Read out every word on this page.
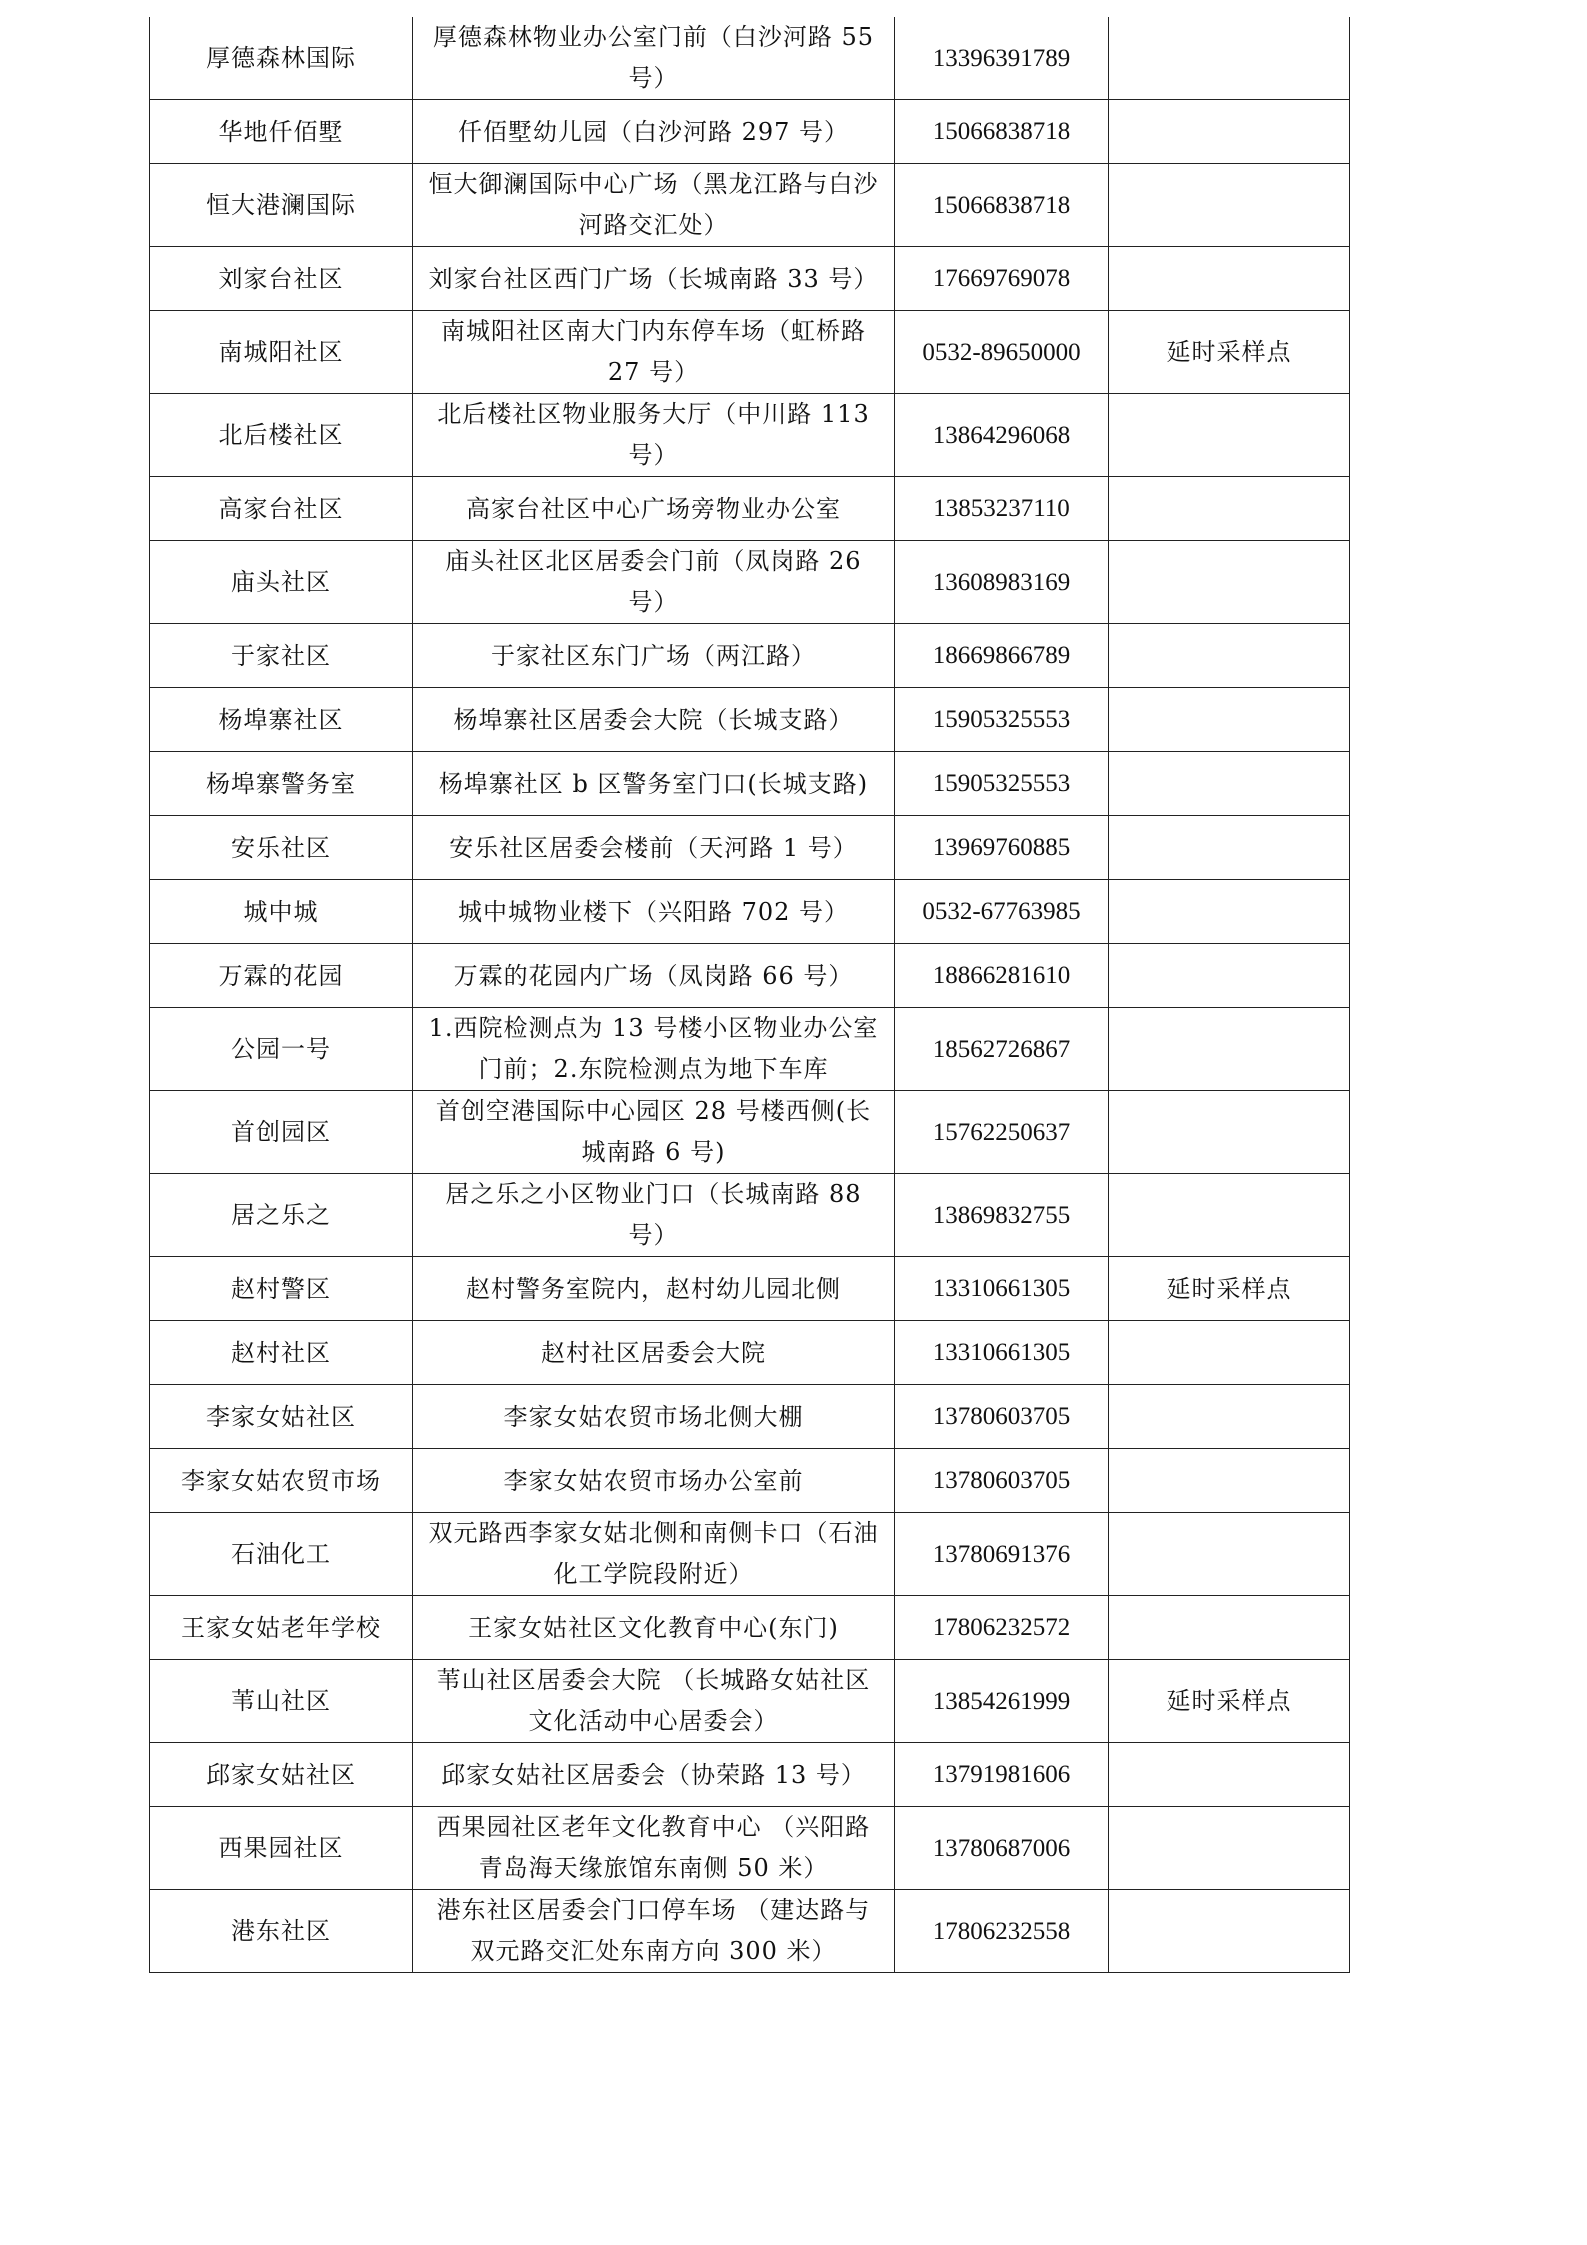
厚德森林国际	厚德森林物业办公室门前（白沙河路 55 号）	13396391789	
华地仟佰墅	仟佰墅幼儿园（白沙河路 297 号）	15066838718	
恒大港澜国际	恒大御澜国际中心广场（黑龙江路与白沙河路交汇处）	15066838718	
刘家台社区	刘家台社区西门广场（长城南路 33 号）	17669769078	
南城阳社区	南城阳社区南大门内东停车场（虹桥路 27 号）	0532-89650000	延时采样点
北后楼社区	北后楼社区物业服务大厅（中川路 113 号）	13864296068	
高家台社区	高家台社区中心广场旁物业办公室	13853237110	
庙头社区	庙头社区北区居委会门前（凤岗路 26 号）	13608983169	
于家社区	于家社区东门广场（两江路）	18669866789	
杨埠寨社区	杨埠寨社区居委会大院（长城支路）	15905325553	
杨埠寨警务室	杨埠寨社区 b 区警务室门口(长城支路)	15905325553	
安乐社区	安乐社区居委会楼前（天河路 1 号）	13969760885	
城中城	城中城物业楼下（兴阳路 702 号）	0532-67763985	
万霖的花园	万霖的花园内广场（凤岗路 66 号）	18866281610	
公园一号	1.西院检测点为 13 号楼小区物业办公室门前；2.东院检测点为地下车库	18562726867	
首创园区	首创空港国际中心园区 28 号楼西侧(长城南路 6 号)	15762250637	
居之乐之	居之乐之小区物业门口（长城南路 88 号）	13869832755	
赵村警区	赵村警务室院内，赵村幼儿园北侧	13310661305	延时采样点
赵村社区	赵村社区居委会大院	13310661305	
李家女姑社区	李家女姑农贸市场北侧大棚	13780603705	
李家女姑农贸市场	李家女姑农贸市场办公室前	13780603705	
石油化工	双元路西李家女姑北侧和南侧卡口（石油化工学院段附近）	13780691376	
王家女姑老年学校	王家女姑社区文化教育中心(东门)	17806232572	
苇山社区	苇山社区居委会大院 （长城路女姑社区文化活动中心居委会）	13854261999	延时采样点
邱家女姑社区	邱家女姑社区居委会（协荣路 13 号）	13791981606	
西果园社区	西果园社区老年文化教育中心 （兴阳路青岛海天缘旅馆东南侧 50 米）	13780687006	
港东社区	港东社区居委会门口停车场 （建达路与双元路交汇处东南方向 300 米）	17806232558	
